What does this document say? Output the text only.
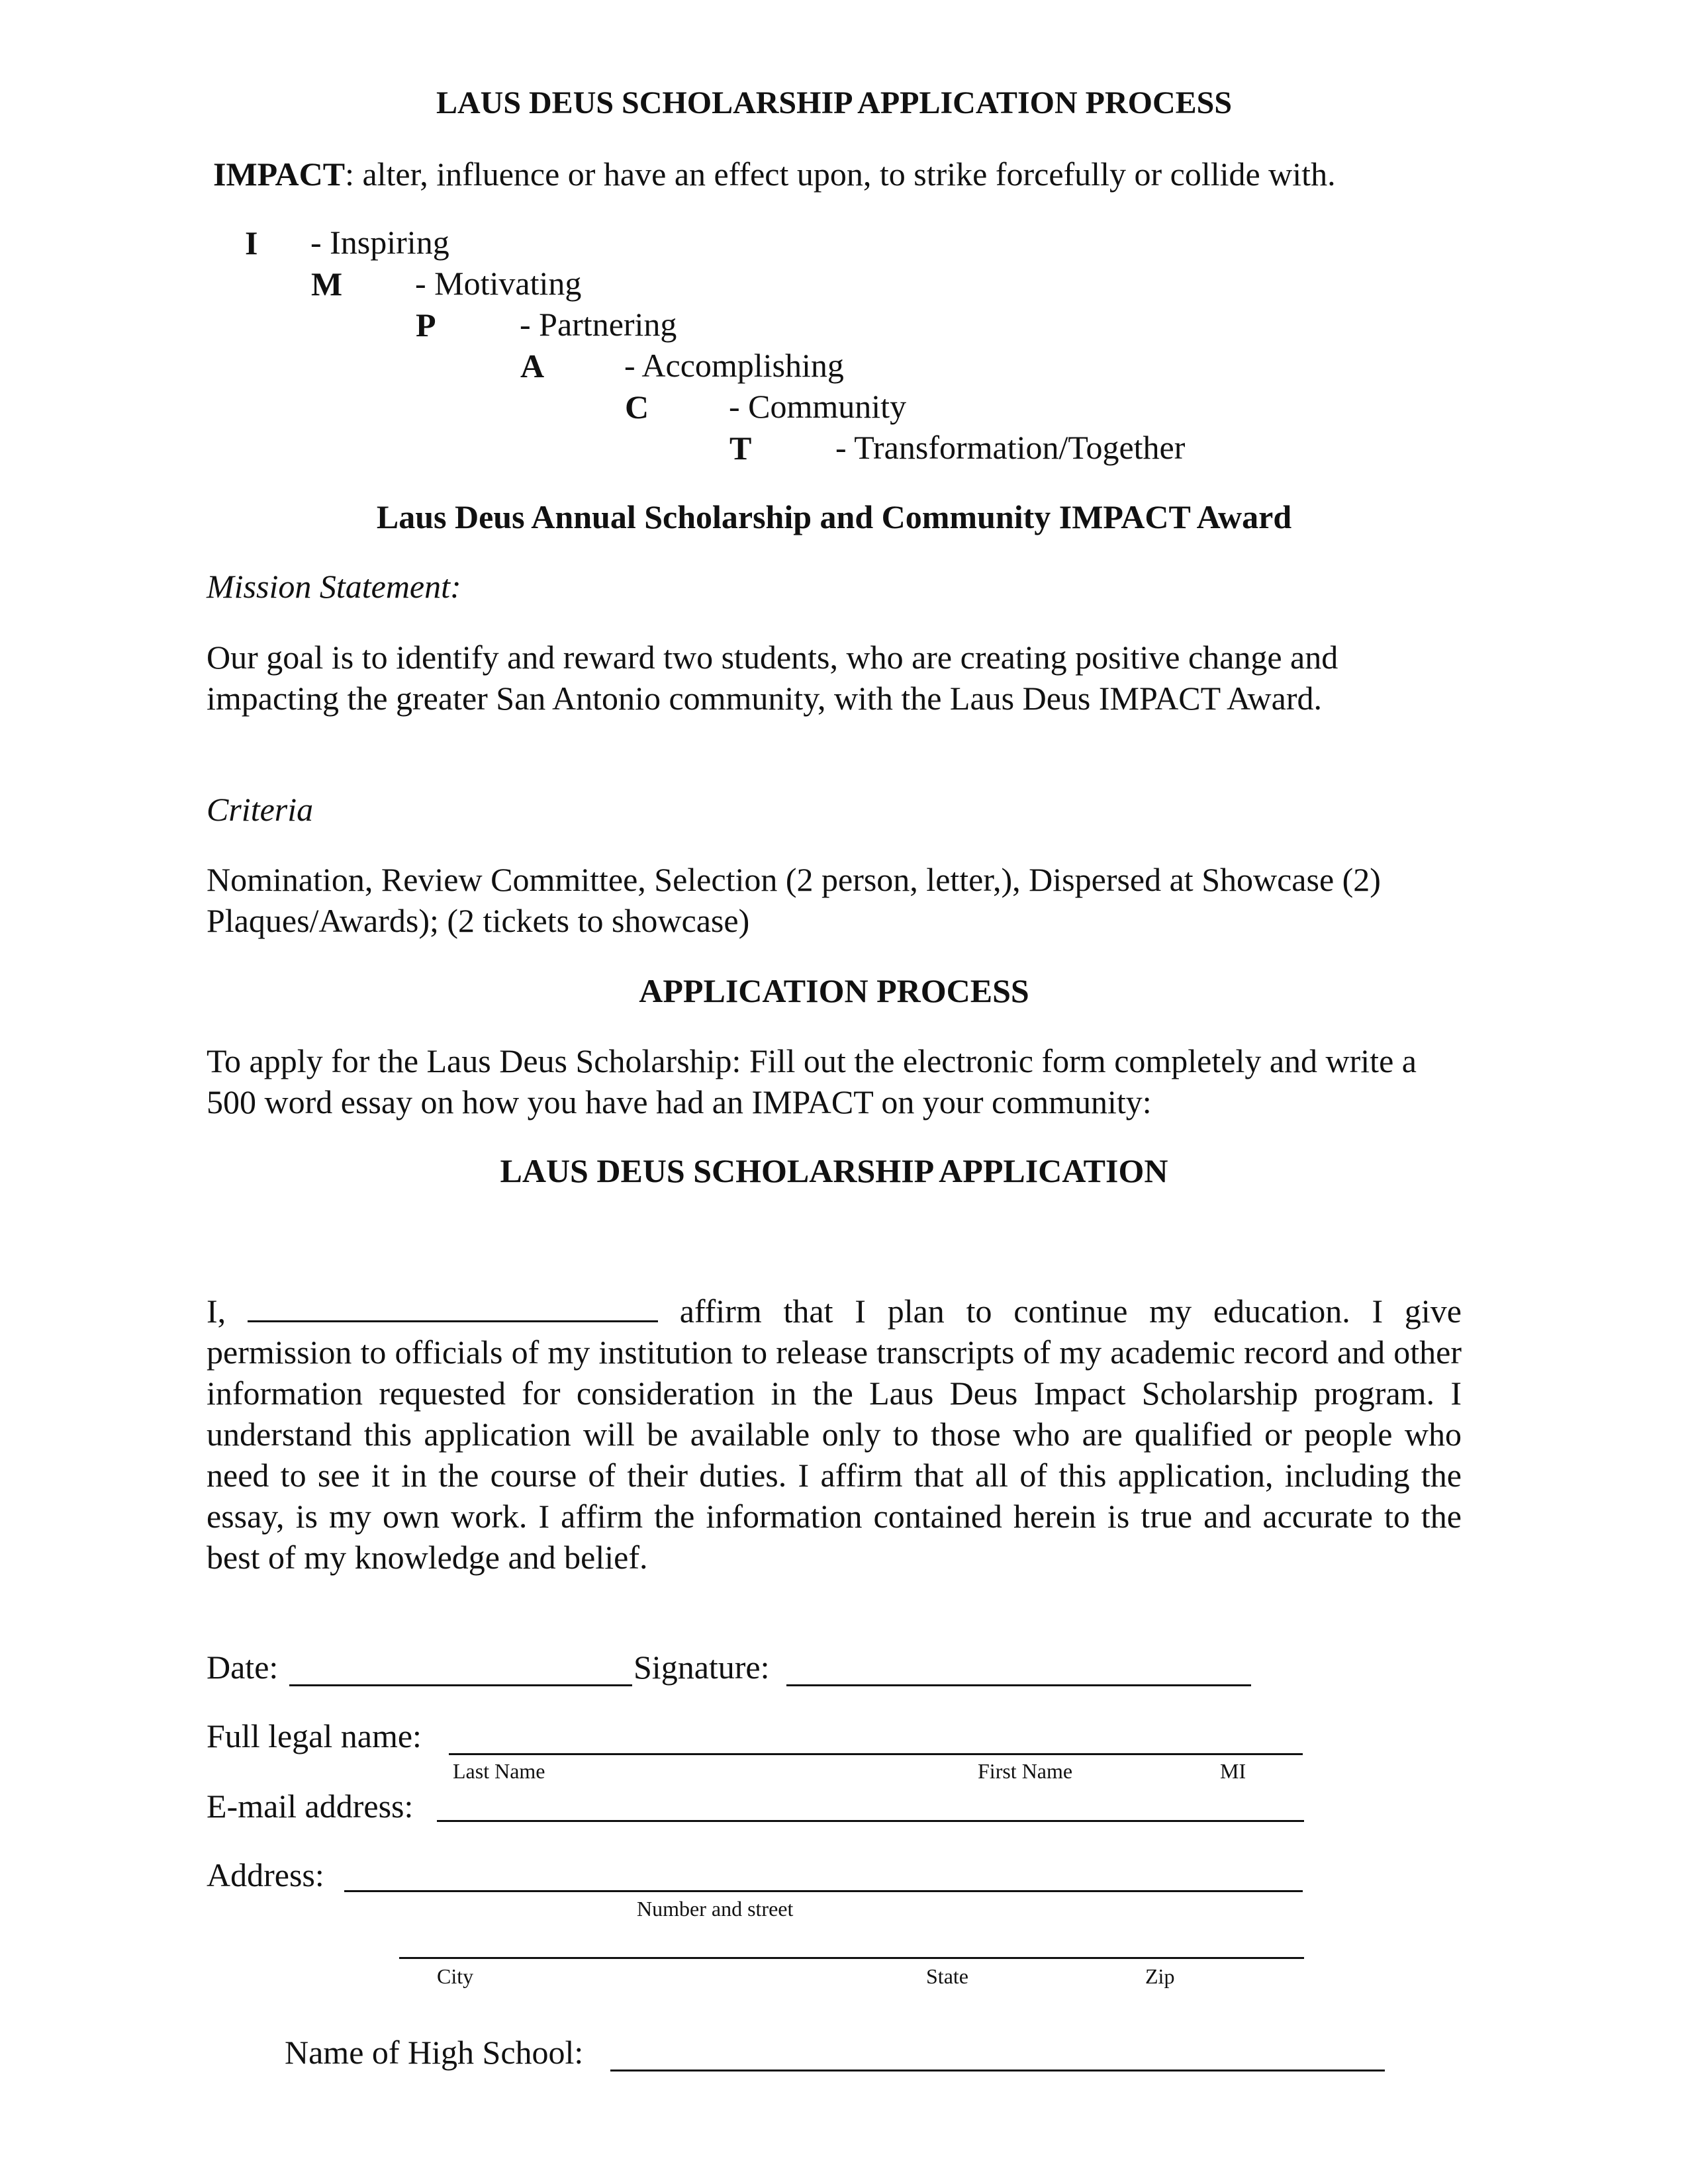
LAUS DEUS SCHOLARSHIP APPLICATION PROCESS
IMPACT: alter, influence or have an effect upon, to strike forcefully or collide with.
I - Inspiring
M - Motivating
P	- Partnering
A - Accomplishing
C - Community
T	- Transformation/Together
Laus Deus Annual Scholarship and Community IMPACT Award
Mission Statement:
Our goal is to identify and reward two students, who are creating positive change and impacting the greater San Antonio community, with the Laus Deus IMPACT Award.
Criteria
Nomination, Review Committee, Selection (2 person, letter,), Dispersed at Showcase (2) Plaques/Awards); (2 tickets to showcase)
APPLICATION PROCESS
To apply for the Laus Deus Scholarship: Fill out the electronic form completely and write a 500 word essay on how you have had an IMPACT on your community:
LAUS DEUS SCHOLARSHIP APPLICATION
I,	affirm that I plan to continue my education. I give permission to officials of my institution to release transcripts of my academic record and other information requested for consideration in the Laus Deus Impact Scholarship program. I understand this application will be available only to those who are qualified or people who need to see it in the course of their duties. I affirm that all of this application, including the essay, is my own work. I affirm the information contained herein is true and accurate to the best of my knowledge and belief.
Date:	Signature:
Full legal name:
Last Name	First Name	MI
E-mail address:
Address:
Number and street
City	State	Zip
Name of High School:
